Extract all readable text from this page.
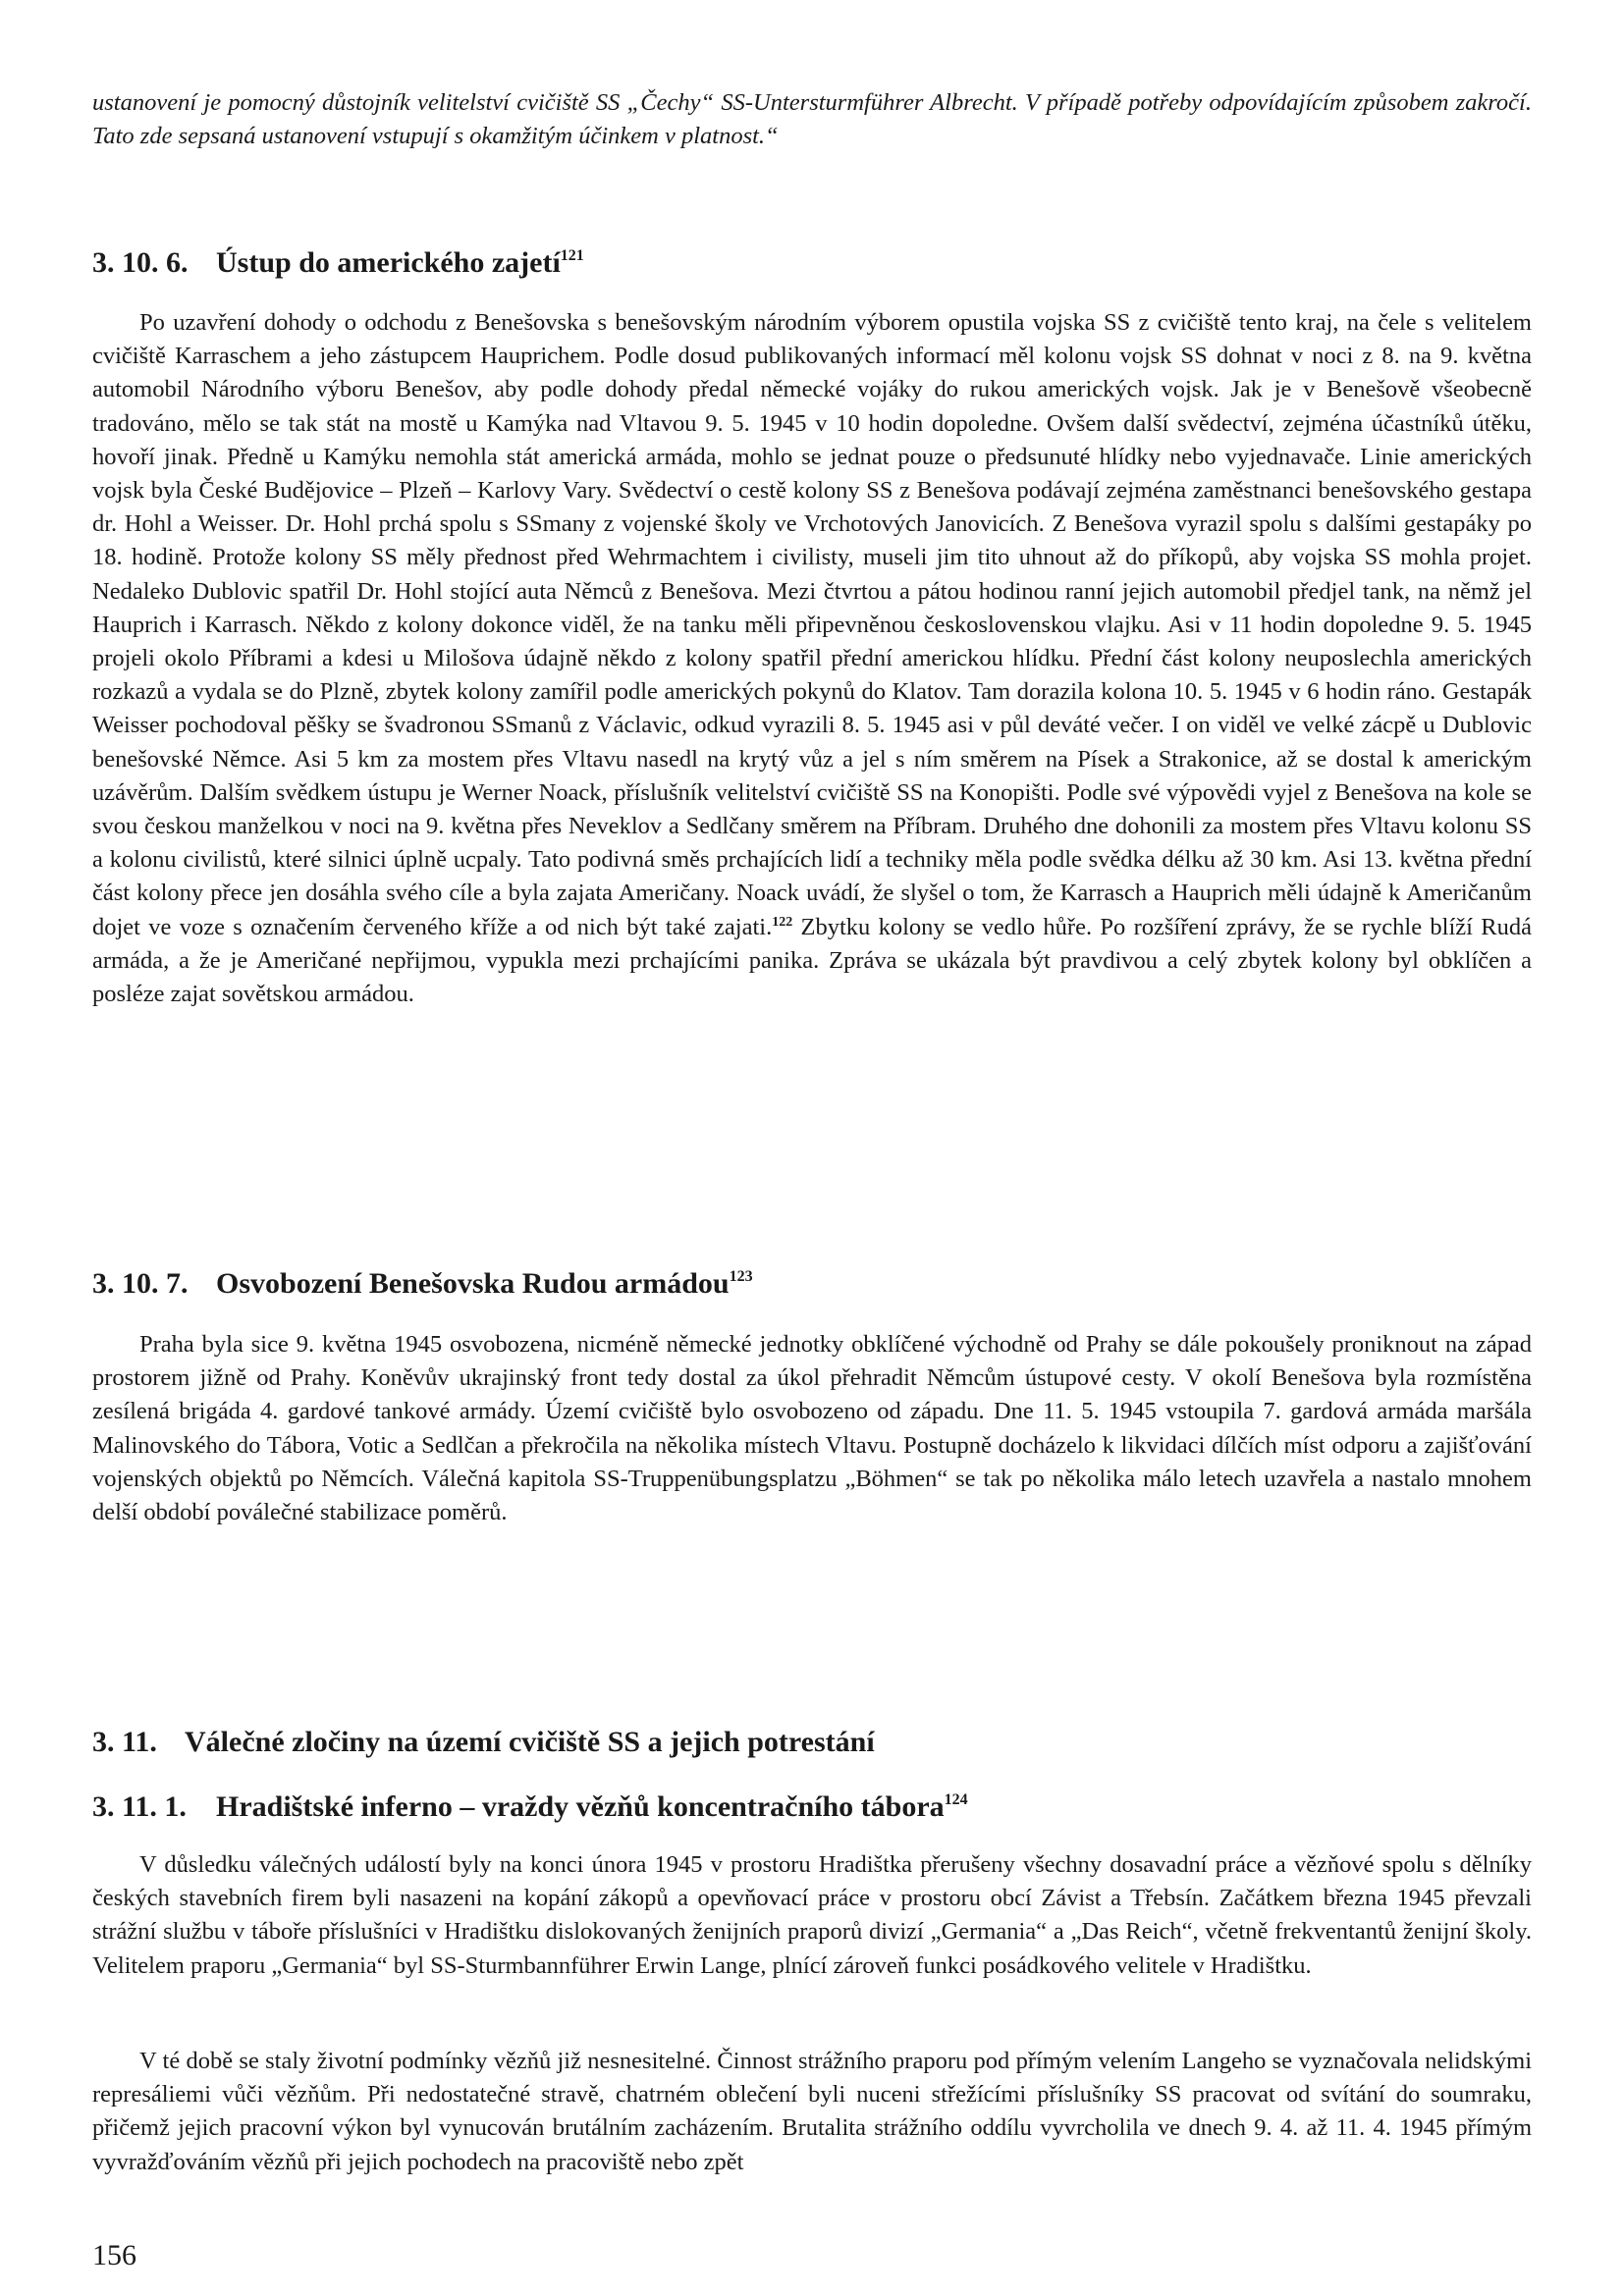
ustanovení je pomocný důstojník velitelství cvičiště SS „Čechy“ SS-Untersturmführer Albrecht. V případě potřeby odpovídajícím způsobem zakročí. Tato zde sepsaná ustanovení vstupují s okamžitým účinkem v platnost.“

3. 10. 6. Ústup do amerického zajetí$^{121}$

Po uzavření dohody o odchodu z Benešovska s benešovským národním výborem opustila vojska SS z cvičiště tento kraj, na čele s velitelem cvičiště Karraschem a jeho zástupcem Hauprichem. Podle dosud publikovaných informací měl kolonu vojsk SS dohnat v noci z 8. na 9. května automobil Národního výboru Benešov, aby podle dohody předal německé vojáky do rukou amerických vojsk. Jak je v Benešově všeobecně tradováno, mělo se tak stát na mostě u Kamýka nad Vltavou 9. 5. 1945 v 10 hodin dopoledne. Ovšem další svědectví, zejména účastníků útěku, hovoří jinak. Předně u Kamýku nemohla stát americká armáda, mohlo se jednat pouze o předsunuté hlídky nebo vyjednavače. Linie amerických vojsk byla České Budějovice – Plzeň – Karlovy Vary. Svědectví o cestě kolony SS z Benešova podávají zejména zaměstnanci benešovského gestapa dr. Hohl a Weisser. Dr. Hohl prchá spolu s SSmany z vojenské školy ve Vrchotových Janovicích. Z Benešova vyrazil spolu s dalšími gestapáky po 18. hodině. Protože kolony SS měly přednost před Wehrmachtem i civilisty, museli jim tito uhnout až do příkopů, aby vojska SS mohla projet. Nedaleko Dublovic spatřil Dr. Hohl stojící auta Němců z Benešova. Mezi čtvrtou a pátou hodinou ranní jejich automobil předjel tank, na němž jel Hauprich i Karrasch. Někdo z kolony dokonce viděl, že na tanku měli připevněnou československou vlajku. Asi v 11 hodin dopoledne 9. 5. 1945 projeli okolo Příbrami a kdesi u Milošova údajně někdo z kolony spatřil přední americkou hlídku. Přední část kolony neuposlechla amerických rozkazů a vydala se do Plzně, zbytek kolony zamířil podle amerických pokynů do Klatov. Tam dorazila kolona 10. 5. 1945 v 6 hodin ráno. Gestapák Weisser pochodoval pěšky se švadronou SSmanů z Václavic, odkud vyrazili 8. 5. 1945 asi v půl deváté večer. I on viděl ve velké zácpě u Dublovic benešovské Němce. Asi 5 km za mostem přes Vltavu nasedl na krytý vůz a jel s ním směrem na Písek a Strakonice, až se dostal k americkým uzávěrům. Dalším svědkem ústupu je Werner Noack, příslušník velitelství cvičiště SS na Konopišti. Podle své výpovědi vyjel z Benešova na kole se svou českou manželkou v noci na 9. května přes Neveklov a Sedlčany směrem na Příbram. Druhého dne dohonili za mostem přes Vltavu kolonu SS a kolonu civilistů, které silnici úplně ucpaly. Tato podivná směs prchajících lidí a techniky měla podle svědka délku až 30 km. Asi 13. května přední část kolony přece jen dosáhla svého cíle a byla zajata Američany. Noack uvádí, že slyšel o tom, že Karrasch a Hauprich měli údajně k Američanům dojet ve voze s označením červeného kříže a od nich být také zajati.$^{122}$ Zbytku kolony se vedlo hůře. Po rozšíření zprávy, že se rychle blíží Rudá armáda, a že je Američané nepřijmou, vypukla mezi prchajícími panika. Zpráva se ukázala být pravdivou a celý zbytek kolony byl obklíčen a posléze zajat sovětskou armádou.

3. 10. 7. Osvobození Benešovska Rudou armádou$^{123}$

Praha byla sice 9. května 1945 osvobozena, nicméně německé jednotky obklíčené východně od Prahy se dále pokoušely proniknout na západ prostorem jižně od Prahy. Koněvův ukrajinský front tedy dostal za úkol přehradit Němcům ústupové cesty. V okolí Benešova byla rozmístěna zesílená brigáda 4. gardové tankové armády. Území cvičiště bylo osvobozeno od západu. Dne 11. 5. 1945 vstoupila 7. gardová armáda maršála Malinovského do Tábora, Votic a Sedlčan a překročila na několika místech Vltavu. Postupně docházelo k likvidaci dílčích míst odporu a zajišťování vojenských objektů po Němcích. Válečná kapitola SS-Truppenübungsplatzu „Böhmen“ se tak po několika málo letech uzavřela a nastalo mnohem delší období poválečné stabilizace poměrů.

3. 11. Válečné zločiny na území cvičiště SS a jejich potrestání
3. 11. 1. Hradištské inferno – vraždy vězňů koncentračního tábora$^{124}$

V důsledku válečných událostí byly na konci února 1945 v prostoru Hradištka přerušeny všechny dosavadní práce a vězňové spolu s dělníky českých stavebních firem byli nasazeni na kopání zákopů a opevňovací práce v prostoru obcí Závist a Třebsín. Začátkem března 1945 převzali strážní službu v táboře příslušníci v Hradištku dislokovaných ženijních praporů divizí „Germania“ a „Das Reich“, včetně frekventantů ženijní školy. Velitelem praporu „Germania“ byl SS-Sturmbannführer Erwin Lange, plnící zároveň funkci posádkového velitele v Hradištku.

V té době se staly životní podmínky vězňů již nesnesitelné. Činnost strážního praporu pod přímým velením Langeho se vyznačovala nelidskými represáliemi vůči vězňům. Při nedostatečné stravě, chatrném oblečení byli nuceni střežícími příslušníky SS pracovat od svítání do soumraku, přičemž jejich pracovní výkon byl vynucován brutálním zacházením. Brutalita strážního oddílu vyvrcholila ve dnech 9. 4. až 11. 4. 1945 přímým vyvražďováním vězňů při jejich pochodech na pracoviště nebo zpět

156
